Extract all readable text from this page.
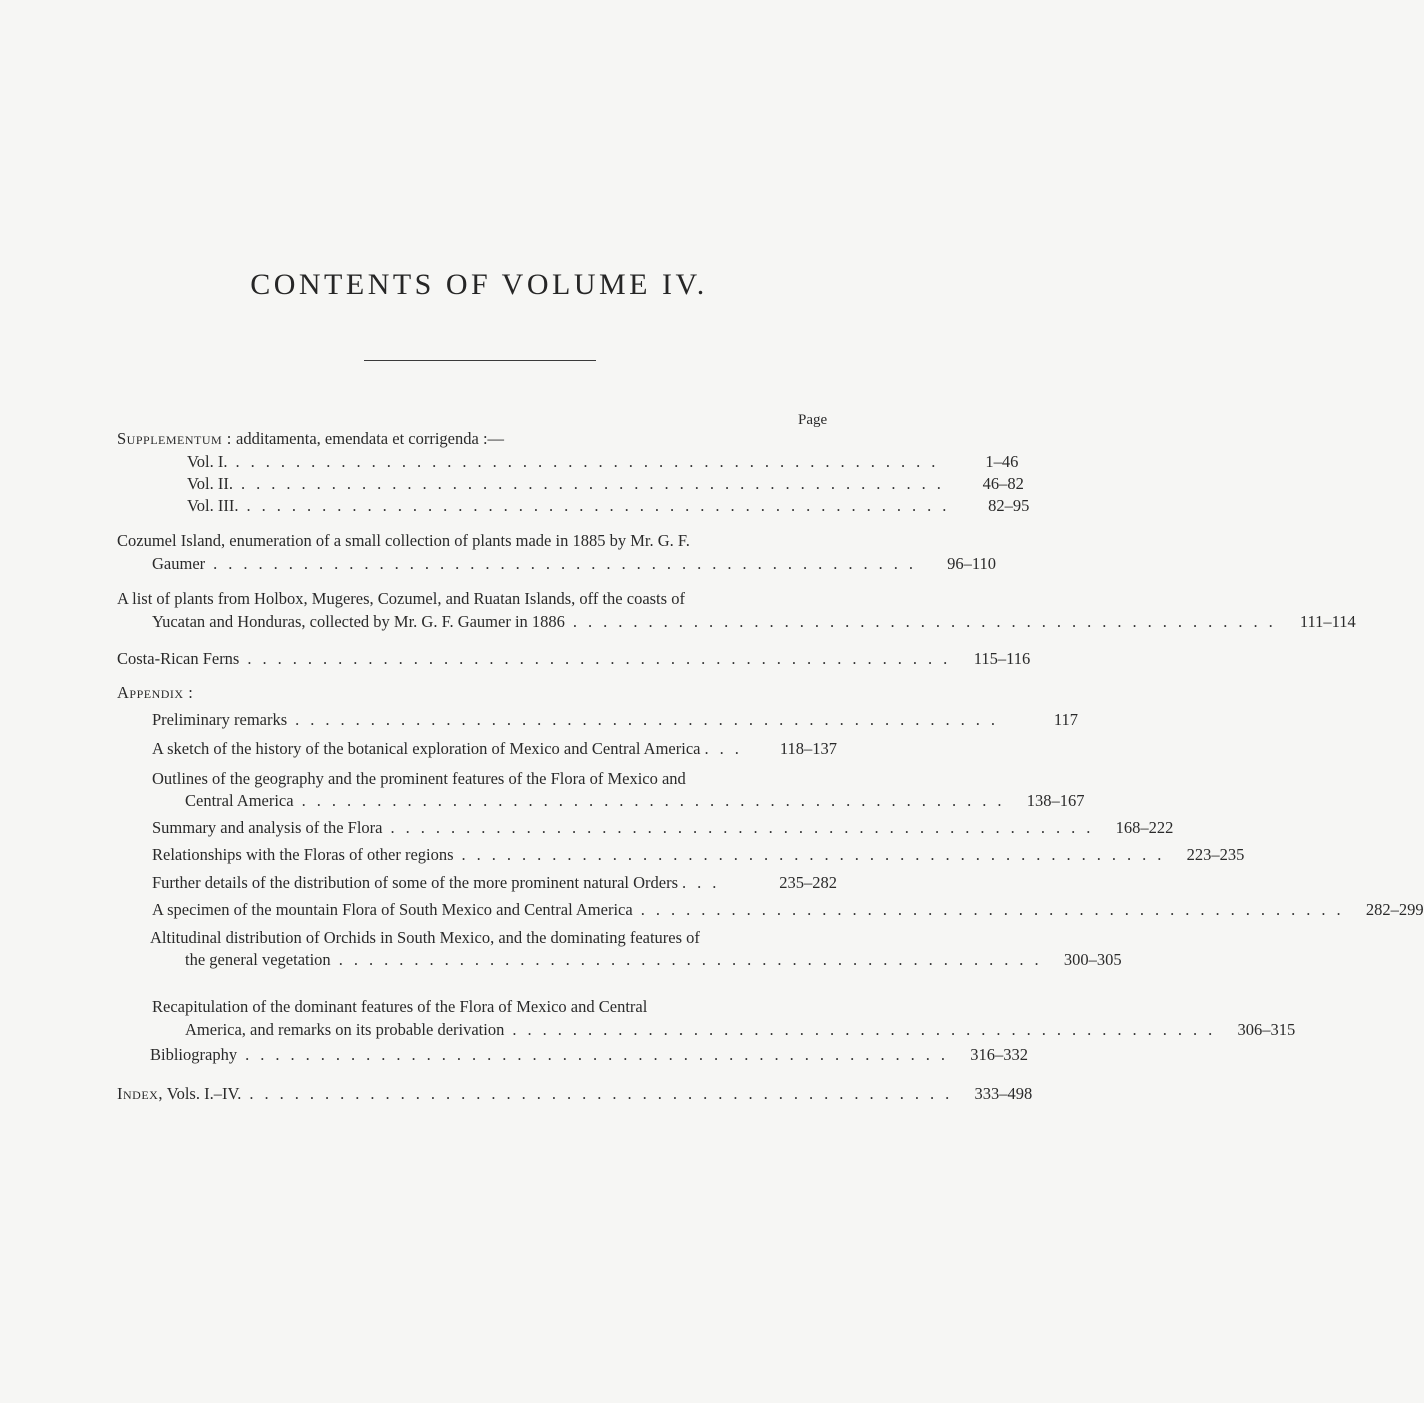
CONTENTS OF VOLUME IV.
Page
Supplementum : additamenta, emendata et corrigenda :—
Vol. I. ...............................................	1–46
Vol. II. ...............................................	46–82
Vol. III. ...............................................	82–95
Cozumel Island, enumeration of a small collection of plants made in 1885 by Mr. G. F.
Gaumer ...............................................	96–110
A list of plants from Holbox, Mugeres, Cozumel, and Ruatan Islands, off the coasts of
Yucatan and Honduras, collected by Mr. G. F. Gaumer in 1886 ............................................... 111–114
Costa-Rican Ferns ............................................... 115–116
Appendix :
Preliminary remarks ...............................................	117
A sketch of the history of the botanical exploration of Mexico and Central America ...	118–137
Outlines of the geography and the prominent features of the Flora of Mexico and
Central America ............................................... 138–167
Summary and analysis of the Flora ............................................... 168–222
Relationships with the Floras of other regions ............................................... 223–235
Further details of the distribution of some of the more prominent natural Orders ...	235–282
A specimen of the mountain Flora of South Mexico and Central America ............................................... 282–299
Altitudinal distribution of Orchids in South Mexico, and the dominating features of
the general vegetation ............................................... 300–305
Recapitulation of the dominant features of the Flora of Mexico and Central
America, and remarks on its probable derivation ............................................... 306–315
Bibliography ............................................... 316–332
Index, Vols. I.–IV. ............................................... 333–498
